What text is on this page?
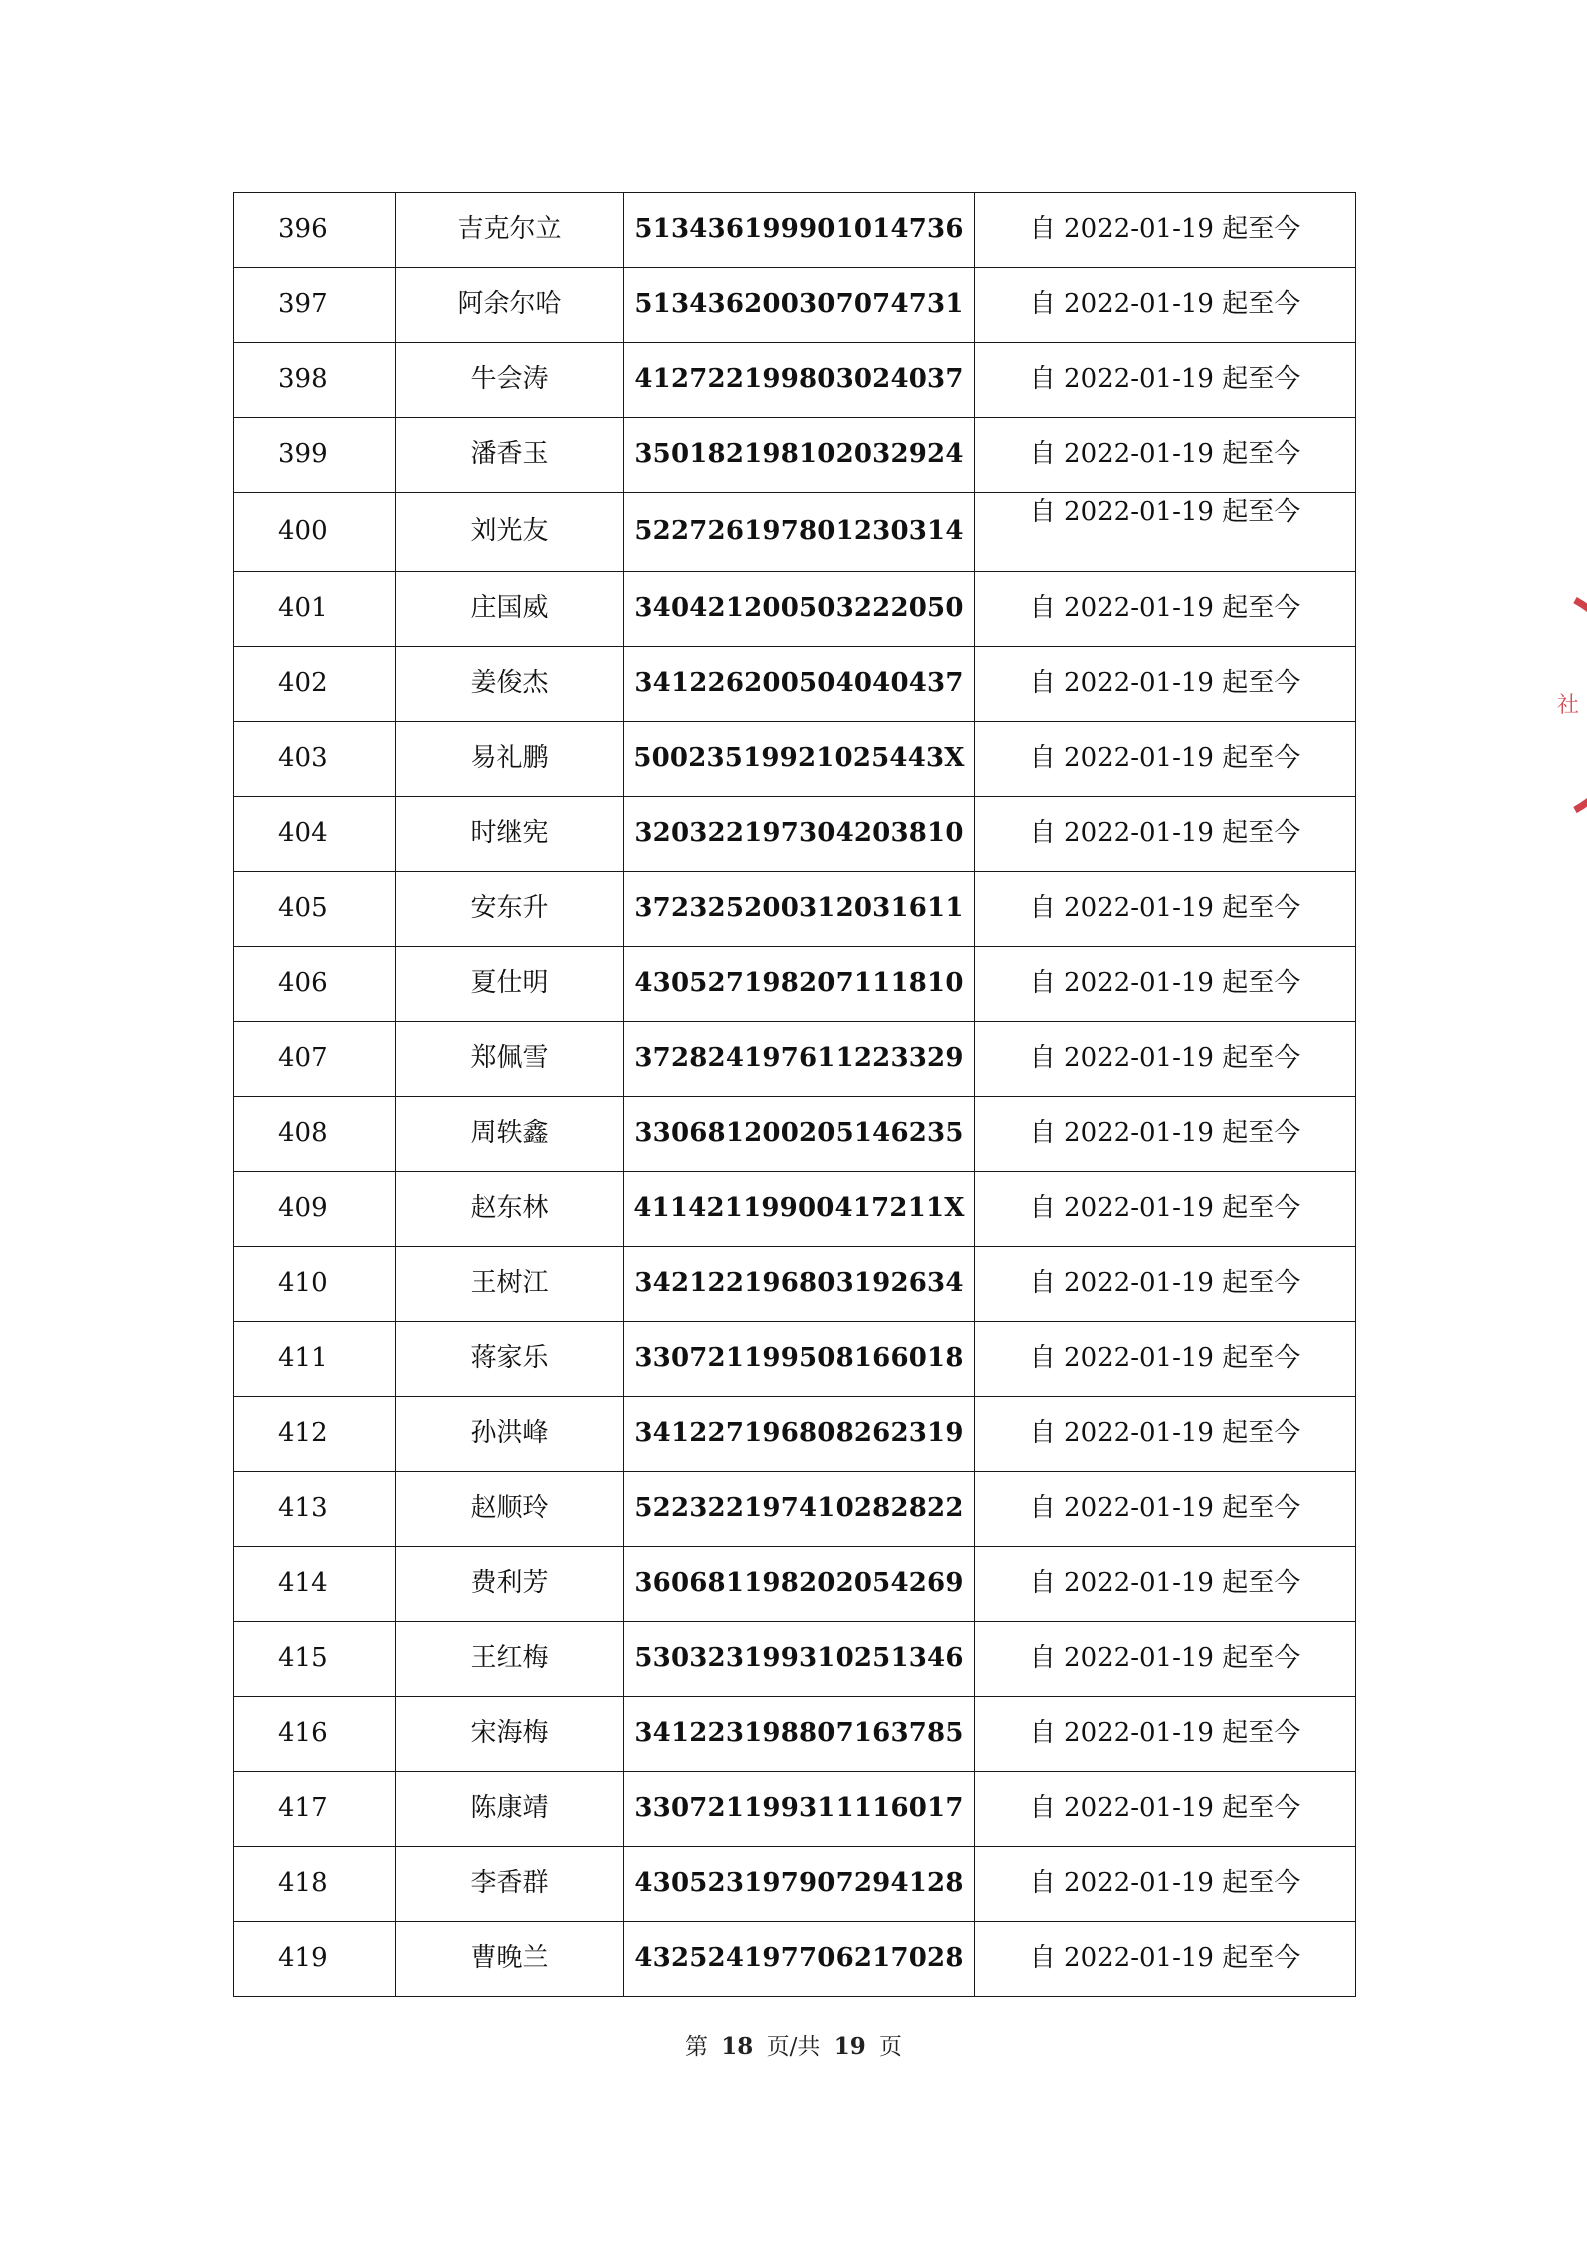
396	吉克尔立	513436199901014736	自 2022-01-19 起至今
397	阿余尔哈	513436200307074731	自 2022-01-19 起至今
398	牛会涛	412722199803024037	自 2022-01-19 起至今
399	潘香玉	350182198102032924	自 2022-01-19 起至今
400	刘光友	522726197801230314	自 2022-01-19 起至今
401	庄国威	340421200503222050	自 2022-01-19 起至今
402	姜俊杰	341226200504040437	自 2022-01-19 起至今
403	易礼鹏	50023519921025443X	自 2022-01-19 起至今
404	时继宪	320322197304203810	自 2022-01-19 起至今
405	安东升	372325200312031611	自 2022-01-19 起至今
406	夏仕明	430527198207111810	自 2022-01-19 起至今
407	郑佩雪	372824197611223329	自 2022-01-19 起至今
408	周轶鑫	330681200205146235	自 2022-01-19 起至今
409	赵东林	41142119900417211X	自 2022-01-19 起至今
410	王树江	342122196803192634	自 2022-01-19 起至今
411	蒋家乐	330721199508166018	自 2022-01-19 起至今
412	孙洪峰	341227196808262319	自 2022-01-19 起至今
413	赵顺玲	522322197410282822	自 2022-01-19 起至今
414	费利芳	360681198202054269	自 2022-01-19 起至今
415	王红梅	530323199310251346	自 2022-01-19 起至今
416	宋海梅	341223198807163785	自 2022-01-19 起至今
417	陈康靖	330721199311116017	自 2022-01-19 起至今
418	李香群	430523197907294128	自 2022-01-19 起至今
419	曹晚兰	432524197706217028	自 2022-01-19 起至今
第 18 页/共 19 页
社
